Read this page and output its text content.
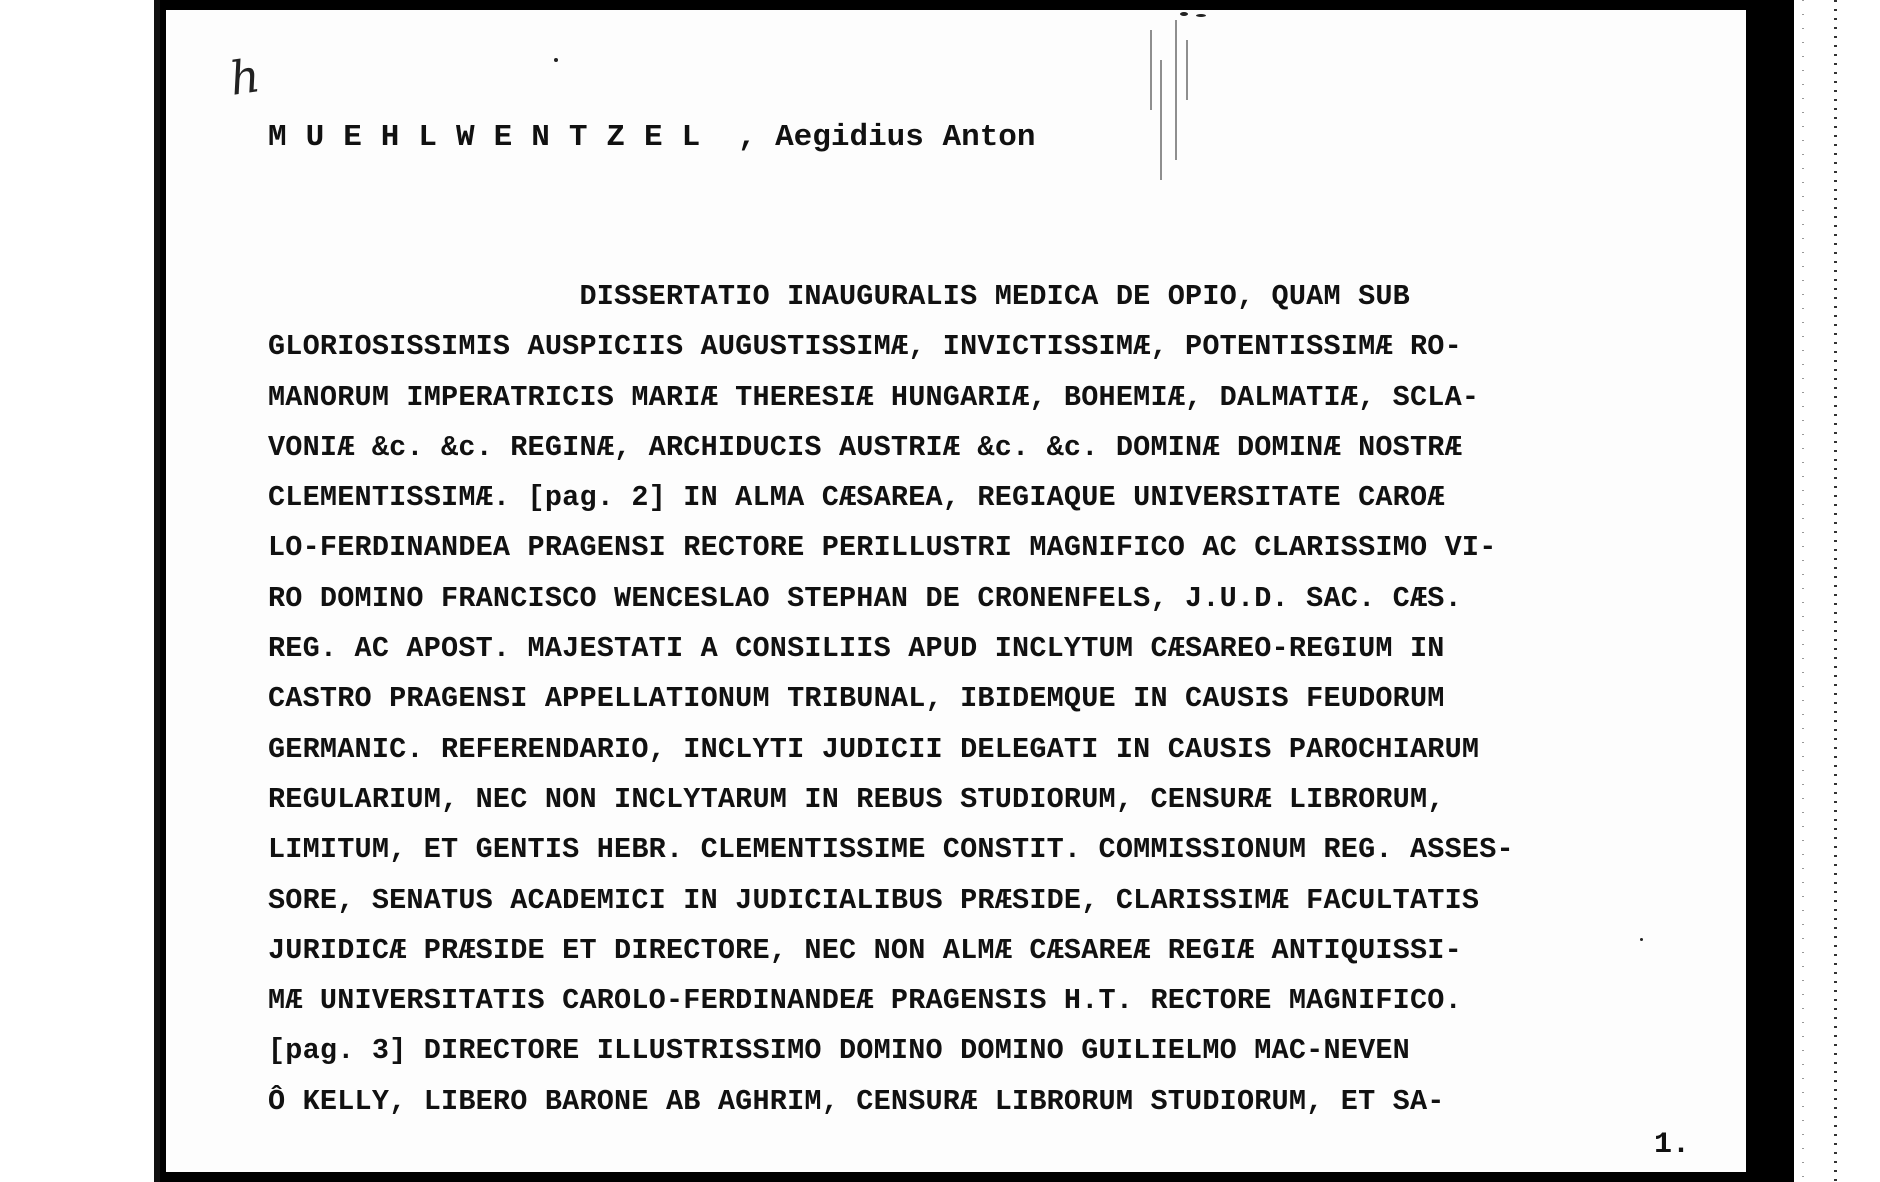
h
MUEHLWENTZEL , Aegidius Anton
DISSERTATIO INAUGURALIS MEDICA DE OPIO, QUAM SUB
GLORIOSISSIMIS AUSPICIIS AUGUSTISSIMÆ, INVICTISSIMÆ, POTENTISSIMÆ RO-
MANORUM IMPERATRICIS MARIÆ THERESIÆ HUNGARIÆ, BOHEMIÆ, DALMATIÆ, SCLA-
VONIÆ &c. &c. REGINÆ, ARCHIDUCIS AUSTRIÆ &c. &c. DOMINÆ DOMINÆ NOSTRÆ
CLEMENTISSIMÆ. [pag. 2] IN ALMA CÆSAREA, REGIAQUE UNIVERSITATE CAROÆ
LO-FERDINANDEA PRAGENSI RECTORE PERILLUSTRI MAGNIFICO AC CLARISSIMO VI-
RO DOMINO FRANCISCO WENCESLAO STEPHAN DE CRONENFELS, J.U.D. SAC. CÆS.
REG. AC APOST. MAJESTATI A CONSILIIS APUD INCLYTUM CÆSAREO-REGIUM IN
CASTRO PRAGENSI APPELLATIONUM TRIBUNAL, IBIDEMQUE IN CAUSIS FEUDORUM
GERMANIC. REFERENDARIO, INCLYTI JUDICII DELEGATI IN CAUSIS PAROCHIARUM
REGULARIUM, NEC NON INCLYTARUM IN REBUS STUDIORUM, CENSURÆ LIBRORUM,
LIMITUM, ET GENTIS HEBR. CLEMENTISSIME CONSTIT. COMMISSIONUM REG. ASSES-
SORE, SENATUS ACADEMICI IN JUDICIALIBUS PRÆSIDE, CLARISSIMÆ FACULTATIS
JURIDICÆ PRÆSIDE ET DIRECTORE, NEC NON ALMÆ CÆSAREÆ REGIÆ ANTIQUISSI-
MÆ UNIVERSITATIS CAROLO-FERDINANDEÆ PRAGENSIS H.T. RECTORE MAGNIFICO.
[pag. 3] DIRECTORE ILLUSTRISSIMO DOMINO DOMINO GUILIELMO MAC-NEVEN
Ô KELLY, LIBERO BARONE AB AGHRIM, CENSURÆ LIBRORUM STUDIORUM, ET SA-
1.
